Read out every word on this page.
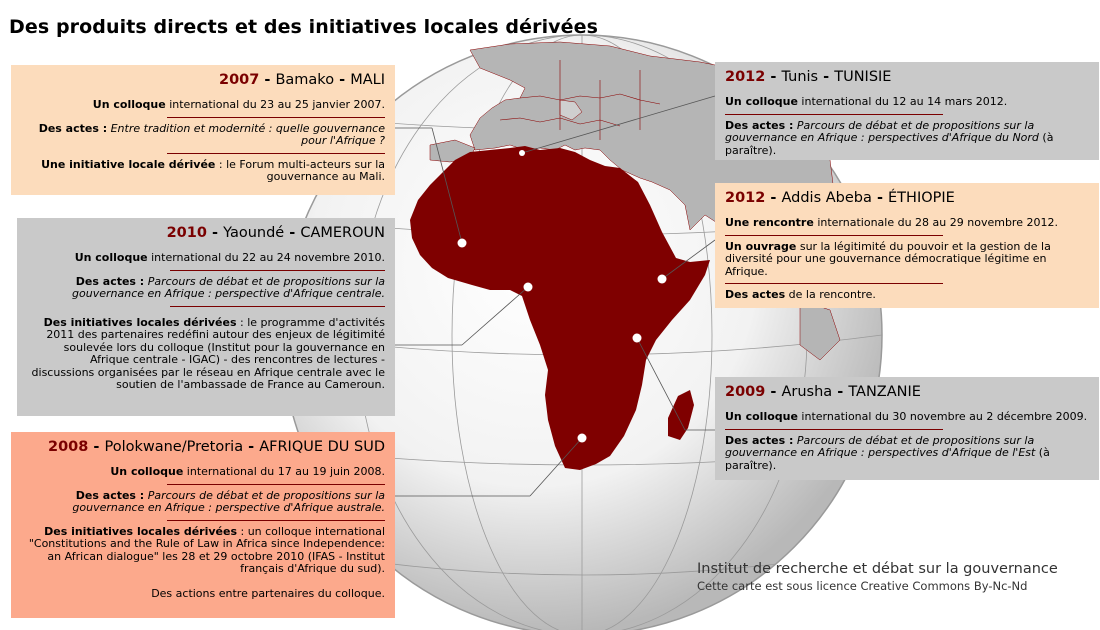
Des produits directs et des initiatives locales dérivées
2007 - Bamako - MALI

Un colloque international du 23 au 25 janvier 2007.

Des actes : Entre tradition et modernité : quelle gouvernance pour l'Afrique ?

Une initiative locale dérivée : le Forum multi-acteurs sur la gouvernance au Mali.

2010 - Yaoundé - CAMEROUN

Un colloque international du 22 au 24 novembre 2010.

Des actes : Parcours de débat et de propositions sur la gouvernance en Afrique : perspective d'Afrique centrale.

Des initiatives locales dérivées : le programme d'activités 2011 des partenaires redéfini autour des enjeux de légitimité soulevée lors du colloque (Institut pour la gouvernance en Afrique centrale - IGAC) - des rencontres de lectures - discussions organisées par le réseau en Afrique centrale avec le soutien de l'ambassade de France au Cameroun.

2008 - Polokwane/Pretoria - AFRIQUE DU SUD

Un colloque international du 17 au 19 juin 2008.

Des actes : Parcours de débat et de propositions sur la gouvernance en Afrique : perspective d'Afrique australe.

Des initiatives locales dérivées : un colloque international "Constitutions and the Rule of Law in Africa since Independence: an African dialogue" les 28 et 29 octobre 2010 (IFAS - Institut français d'Afrique du sud).

Des actions entre partenaires du colloque.

2012 - Tunis - TUNISIE

Un colloque international du 12 au 14 mars 2012.

Des actes : Parcours de débat et de propositions sur la gouvernance en Afrique : perspectives d'Afrique du Nord (à paraître).

2012 - Addis Abeba - ÉTHIOPIE

Une rencontre internationale du 28 au 29 novembre 2012.

Un ouvrage sur la légitimité du pouvoir et la gestion de la diversité pour une gouvernance démocratique légitime en Afrique.

Des actes de la rencontre.

2009 - Arusha - TANZANIE

Un colloque international du 30 novembre au 2 décembre 2009.

Des actes : Parcours de débat et de propositions sur la gouvernance en Afrique : perspectives d'Afrique de l'Est (à paraître).

Institut de recherche et débat sur la gouvernance
Cette carte est sous licence Creative Commons By-Nc-Nd
